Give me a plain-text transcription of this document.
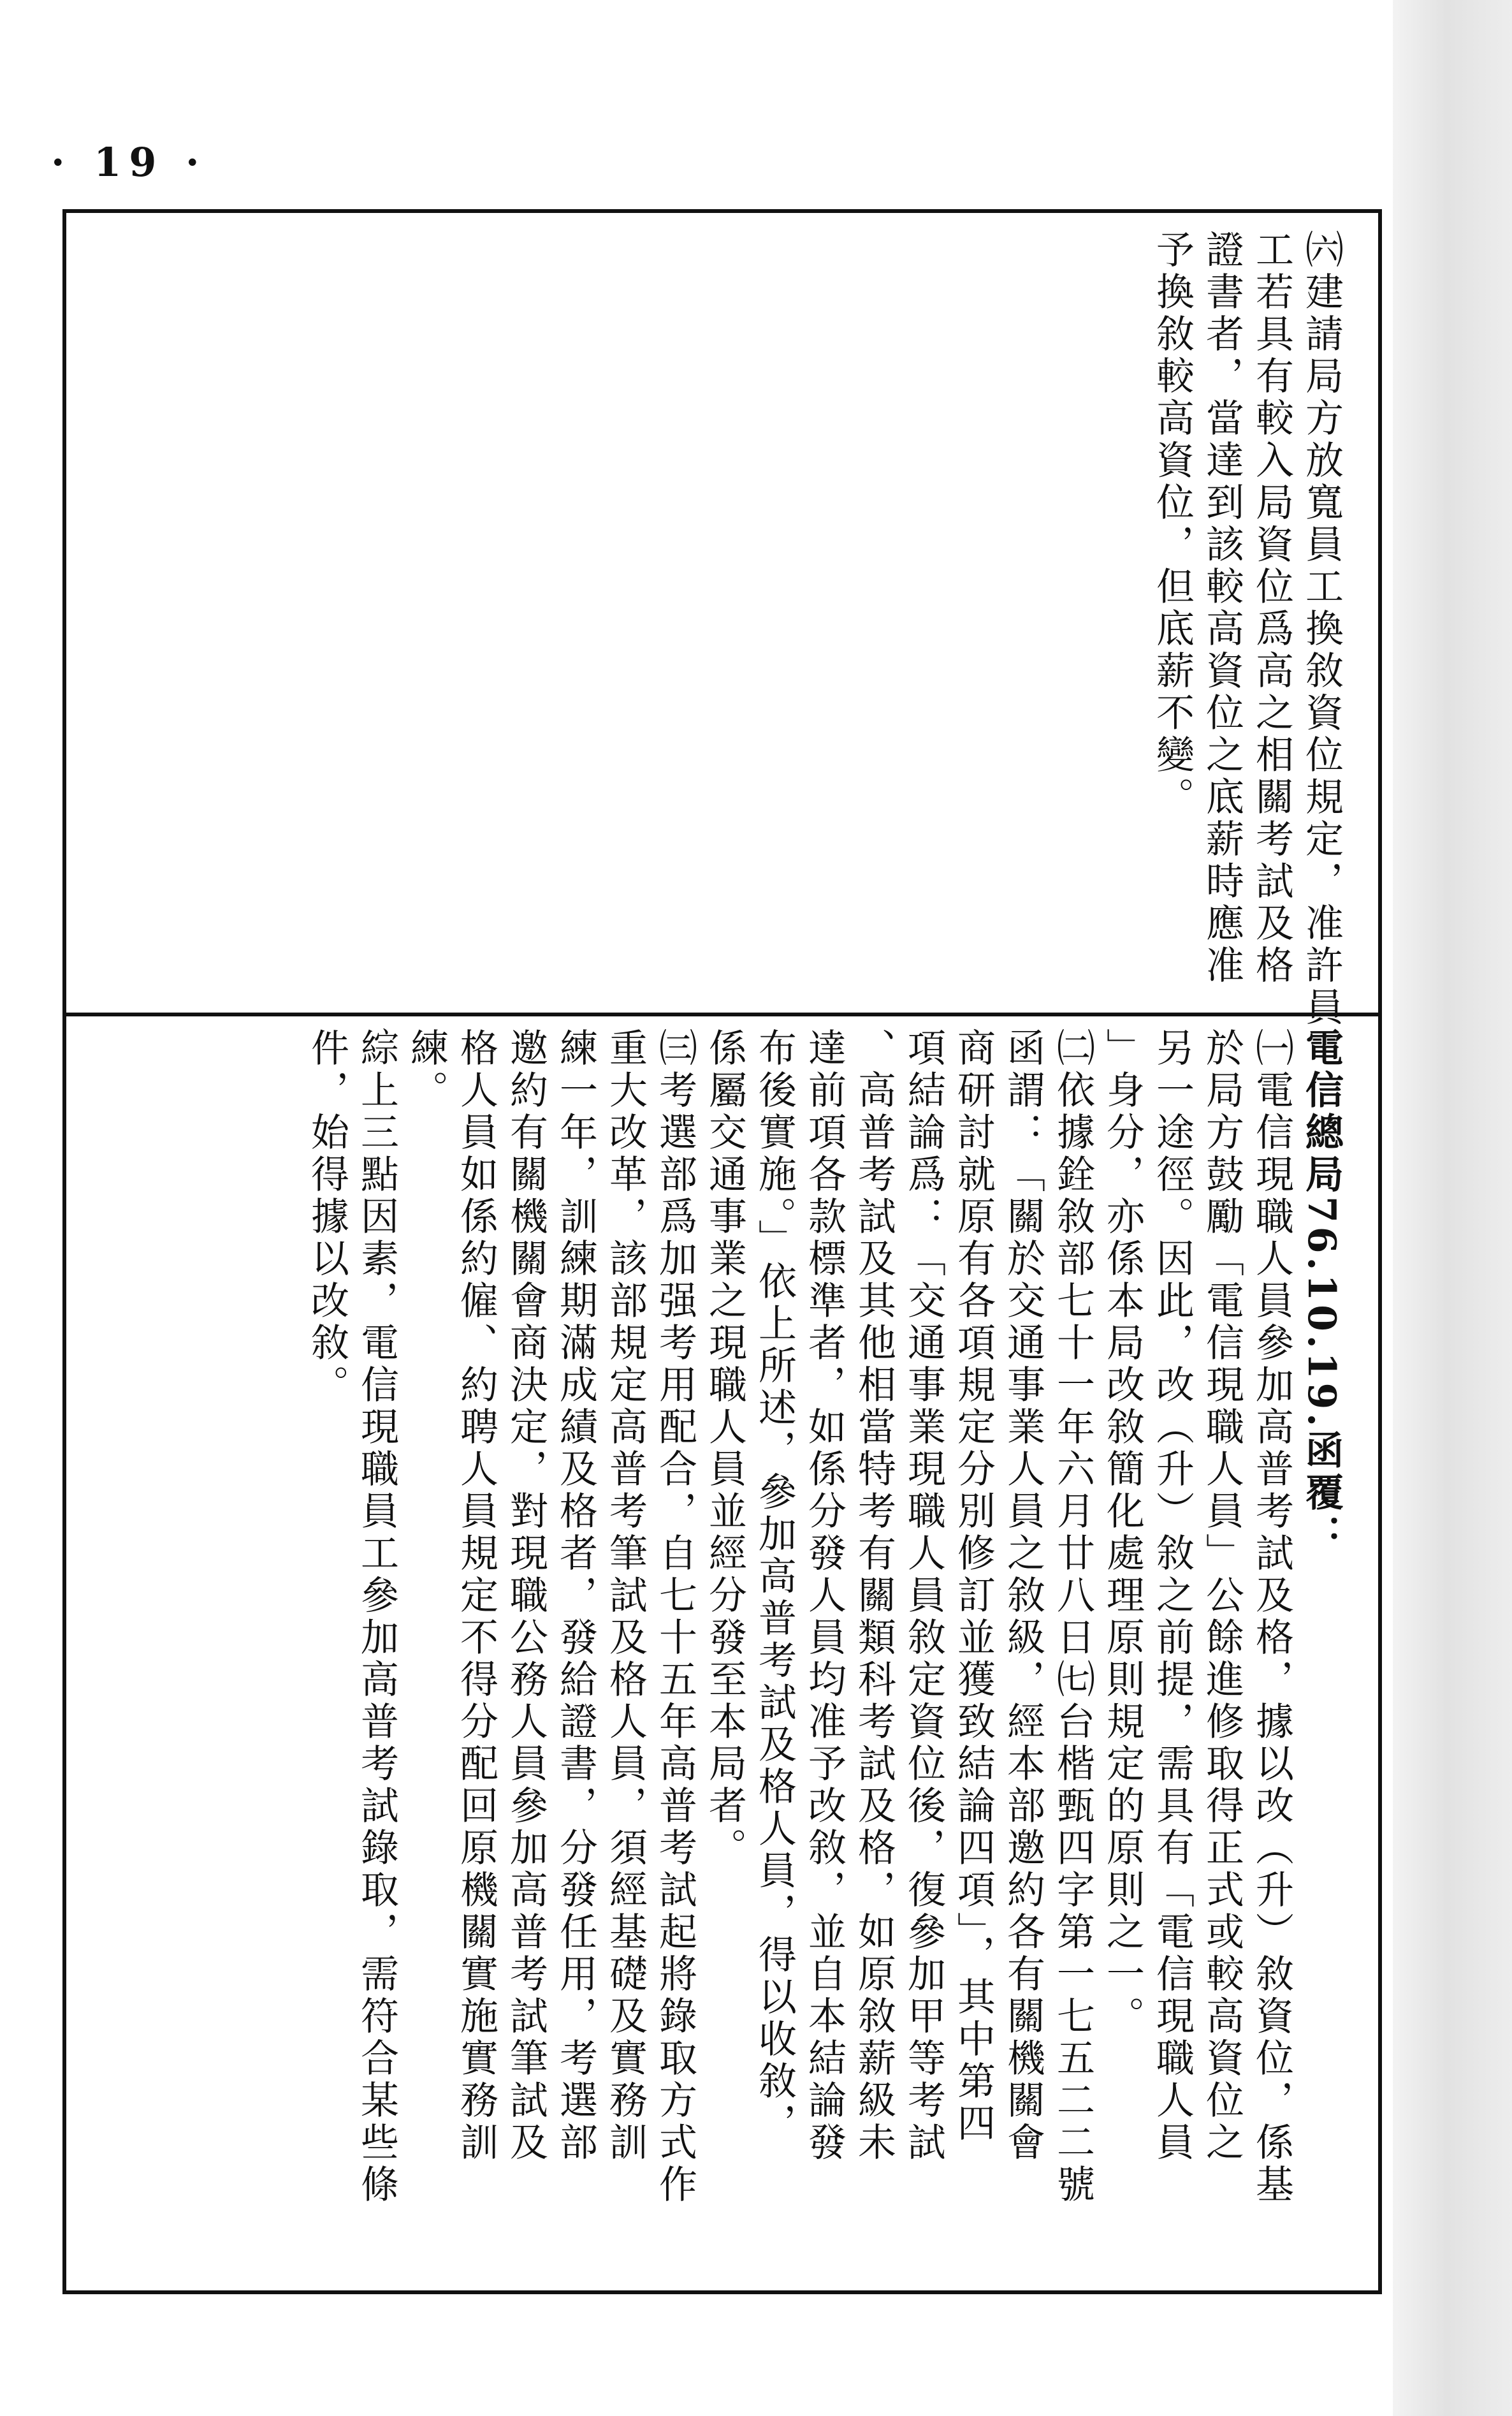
· 19 ·
㈥建請局方放寬員工換敘資位規定，准許員
工若具有較入局資位爲高之相關考試及格
證書者，當達到該較高資位之底薪時應准
予換敘較高資位，但底薪不變。
電信總局76.10.19.函覆：
㈠電信現職人員參加高普考試及格，據以改（升）敘資位，係基
於局方鼓勵「電信現職人員」公餘進修取得正式或較高資位之
另一途徑。因此，改（升）敘之前提，需具有「電信現職人員
」身分，亦係本局改敘簡化處理原則規定的原則之一。
㈡依據銓敘部七十一年六月廿八日㈦台楷甄四字第一七五二二號
函謂：「關於交通事業人員之敘級，經本部邀約各有關機關會
商研討就原有各項規定分別修訂並獲致結論四項」，其中第四
項結論爲：「交通事業現職人員敘定資位後，復參加甲等考試
、高普考試及其他相當特考有關類科考試及格，如原敘薪級未
達前項各款標準者，如係分發人員均准予改敘，並自本結論發
布後實施。」依上所述，參加高普考試及格人員，得以收敘，
係屬交通事業之現職人員並經分發至本局者。
㈢考選部爲加强考用配合，自七十五年高普考試起將錄取方式作
重大改革，該部規定高普考筆試及格人員，須經基礎及實務訓
練一年，訓練期滿成績及格者，發給證書，分發任用，考選部
邀約有關機關會商決定，對現職公務人員參加高普考試筆試及
格人員如係約僱、約聘人員規定不得分配回原機關實施實務訓
練。
綜上三點因素，電信現職員工參加高普考試錄取，需符合某些條
件，始得據以改敘。
